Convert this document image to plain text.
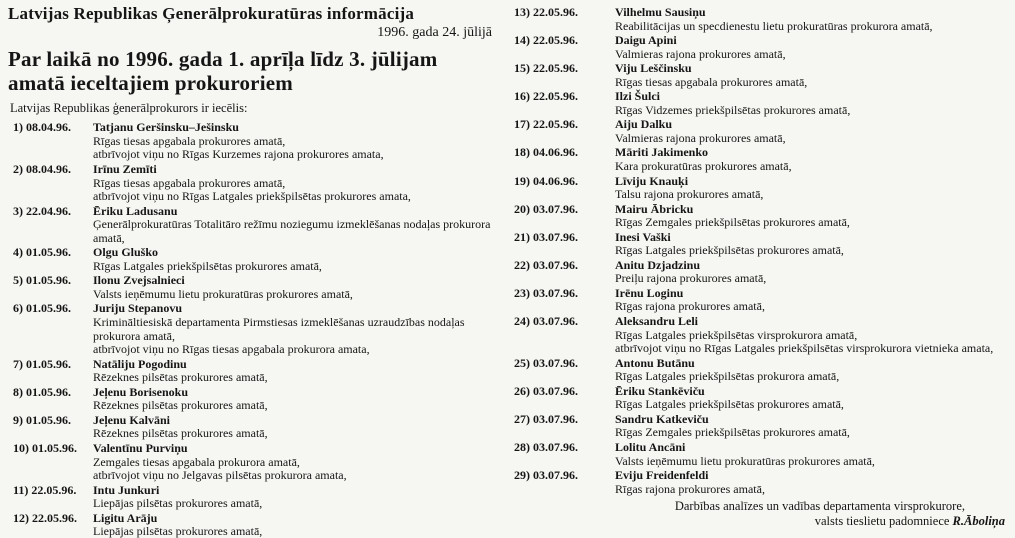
Latvijas Republikas Ģenerālprokuratūras informācija
1996. gada 24. jūlijā
Par laikā no 1996. gada 1. aprīļa līdz 3. jūlijam
amatā ieceltajiem prokuroriem
Latvijas Republikas ģenerālprokurors ir iecēlis:
1) 08.04.96.	Tatjanu Geršinsku–Ješinsku
Rīgas tiesas apgabala prokurores amatā,
atbrīvojot viņu no Rīgas Kurzemes rajona prokurores amata,
2) 08.04.96.	Irīnu Zemīti
Rīgas tiesas apgabala prokurores amatā,
atbrīvojot viņu no Rīgas Latgales priekšpilsētas prokurores amata,
3) 22.04.96.	Ēriku Ladusanu
Ģenerālprokuratūras Totalitāro režīmu noziegumu izmeklēšanas nodaļas prokurora amatā,
4) 01.05.96.	Olgu Gluško
Rīgas Latgales priekšpilsētas prokurores amatā,
5) 01.05.96.	Ilonu Zvejsalnieci
Valsts ieņēmumu lietu prokuratūras prokurores amatā,
6) 01.05.96.	Juriju Stepanovu
Krimināltiesiskā departamenta Pirmstiesas izmeklēšanas uzraudzības nodaļas prokurora amatā,
atbrīvojot viņu no Rīgas tiesas apgabala prokurora amata,
7) 01.05.96.	Natāliju Pogodinu
Rēzeknes pilsētas prokurores amatā,
8) 01.05.96.	Jeļenu Borisenoku
Rēzeknes pilsētas prokurores amatā,
9) 01.05.96.	Jeļenu Kalvāni
Rēzeknes pilsētas prokurores amatā,
10) 01.05.96.	Valentīnu Purviņu
Zemgales tiesas apgabala prokurora amatā,
atbrīvojot viņu no Jelgavas pilsētas prokurora amata,
11) 22.05.96.	Intu Junkuri
Liepājas pilsētas prokurores amatā,
12) 22.05.96.	Ligitu Arāju
Liepājas pilsētas prokurores amatā,
13) 22.05.96.	Vilhelmu Sausiņu
Reabilitācijas un specdienestu lietu prokuratūras prokurora amatā,
14) 22.05.96.	Daigu Apini
Valmieras rajona prokurores amatā,
15) 22.05.96.	Viju Leščinsku
Rīgas tiesas apgabala prokurores amatā,
16) 22.05.96.	Ilzi Šulci
Rīgas Vidzemes priekšpilsētas prokurores amatā,
17) 22.05.96.	Aiju Dalku
Valmieras rajona prokurores amatā,
18) 04.06.96.	Māriti Jakimenko
Kara prokuratūras prokurores amatā,
19) 04.06.96.	Līviju Knauķi
Talsu rajona prokurores amatā,
20) 03.07.96.	Mairu Ābricku
Rīgas Zemgales priekšpilsētas prokurores amatā,
21) 03.07.96.	Inesi Vaški
Rīgas Latgales priekšpilsētas prokurores amatā,
22) 03.07.96.	Anitu Dzjadzinu
Preiļu rajona prokurores amatā,
23) 03.07.96.	Irēnu Loginu
Rīgas rajona prokurores amatā,
24) 03.07.96.	Aleksandru Leli
Rīgas Latgales priekšpilsētas virsprokurora amatā,
atbrīvojot viņu no Rīgas Latgales priekšpilsētas virsprokurora vietnieka amata,
25) 03.07.96.	Antonu Butānu
Rīgas Latgales priekšpilsētas prokurora amatā,
26) 03.07.96.	Ēriku Stankēviču
Rīgas Latgales priekšpilsētas prokurores amatā,
27) 03.07.96.	Sandru Katkeviču
Rīgas Zemgales priekšpilsētas prokurores amatā,
28) 03.07.96.	Lolitu Ancāni
Valsts ieņēmumu lietu prokuratūras prokurores amatā,
29) 03.07.96.	Eviju Freidenfeldi
Rīgas rajona prokurores amatā,
Darbības analīzes un vadības departamenta virsprokurore,
valsts tieslietu padomniece R.Āboliņa
